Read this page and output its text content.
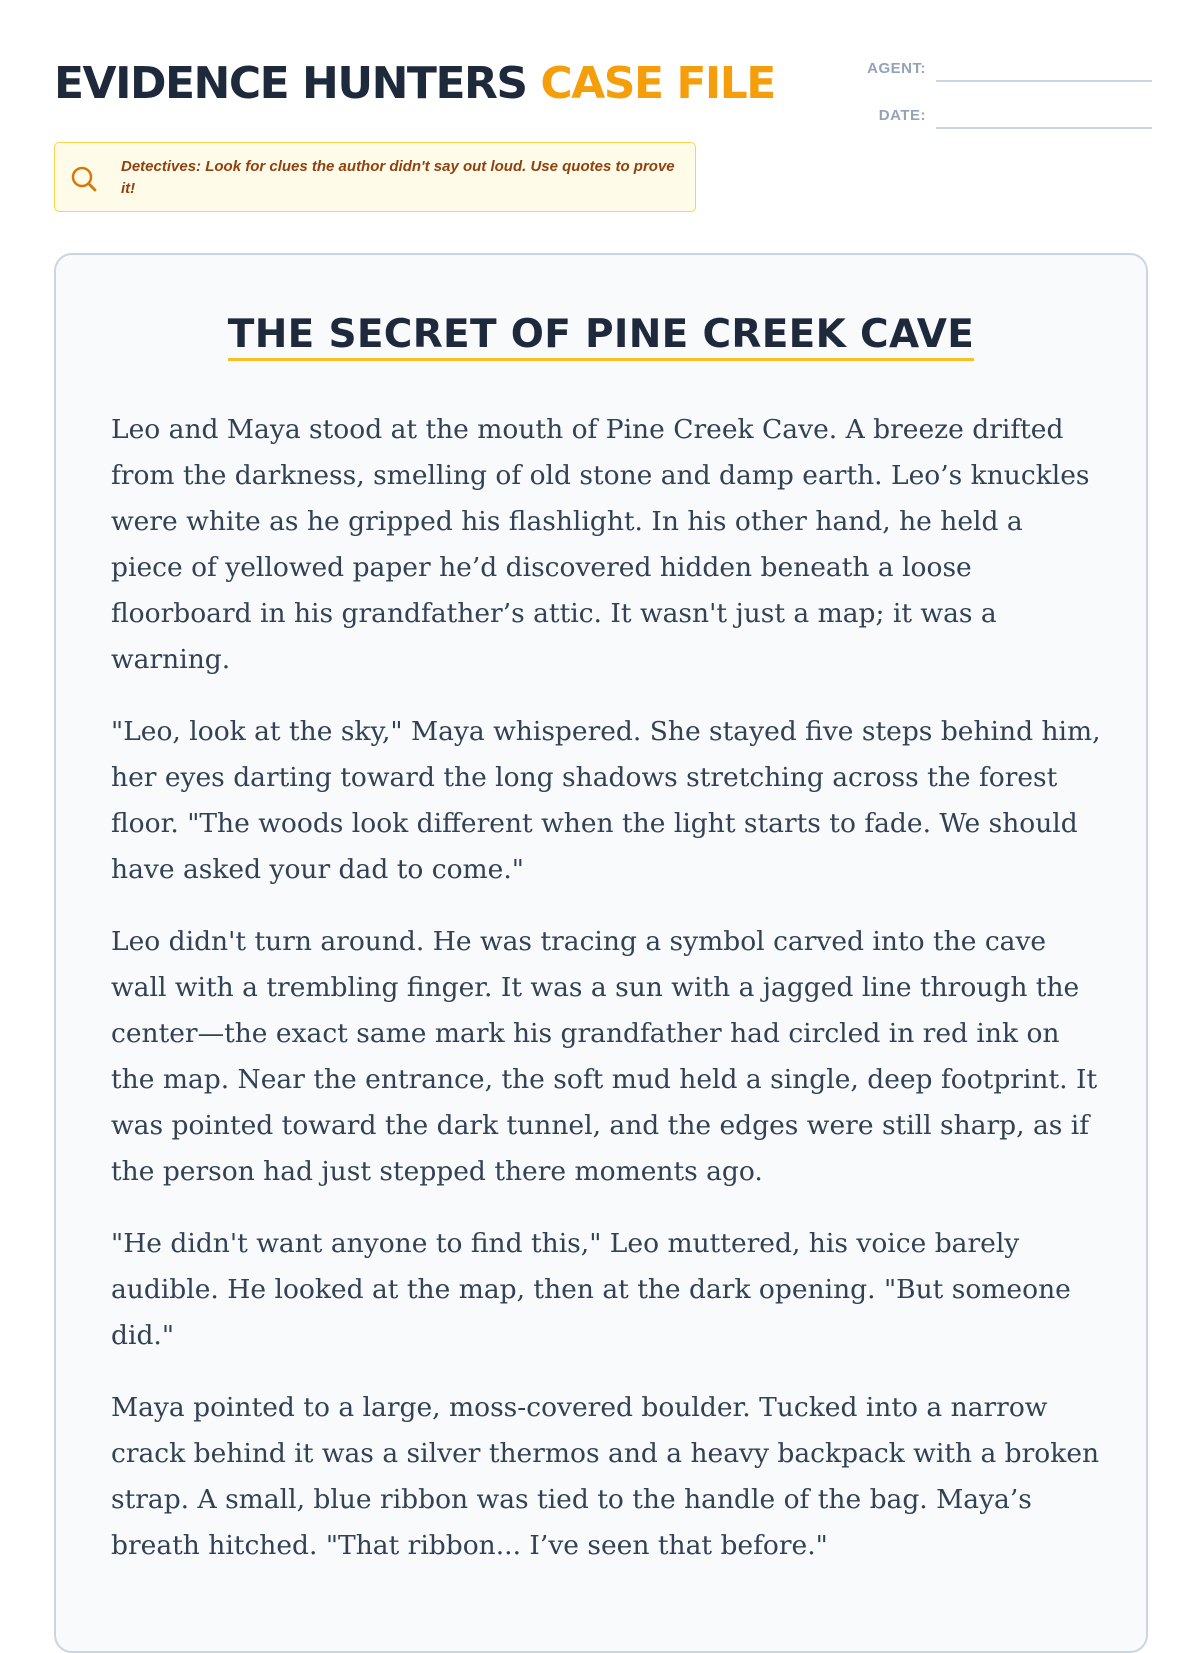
EVIDENCE HUNTERS CASE FILE	AGENT:
DATE:
Detectives: Look for clues the author didn't say out loud. Use quotes to prove it!
THE SECRET OF PINE CREEK CAVE

Leo and Maya stood at the mouth of Pine Creek Cave. A breeze drifted from the darkness, smelling of old stone and damp earth. Leo’s knuckles were white as he gripped his flashlight. In his other hand, he held a piece of yellowed paper he’d discovered hidden beneath a loose floorboard in his grandfather’s attic. It wasn't just a map; it was a warning.

"Leo, look at the sky," Maya whispered. She stayed five steps behind him, her eyes darting toward the long shadows stretching across the forest floor. "The woods look different when the light starts to fade. We should have asked your dad to come."

Leo didn't turn around. He was tracing a symbol carved into the cave wall with a trembling finger. It was a sun with a jagged line through the center—the exact same mark his grandfather had circled in red ink on the map. Near the entrance, the soft mud held a single, deep footprint. It was pointed toward the dark tunnel, and the edges were still sharp, as if the person had just stepped there moments ago.

"He didn't want anyone to find this," Leo muttered, his voice barely audible. He looked at the map, then at the dark opening. "But someone did."

Maya pointed to a large, moss-covered boulder. Tucked into a narrow crack behind it was a silver thermos and a heavy backpack with a broken strap. A small, blue ribbon was tied to the handle of the bag. Maya’s breath hitched. "That ribbon... I’ve seen that before."
